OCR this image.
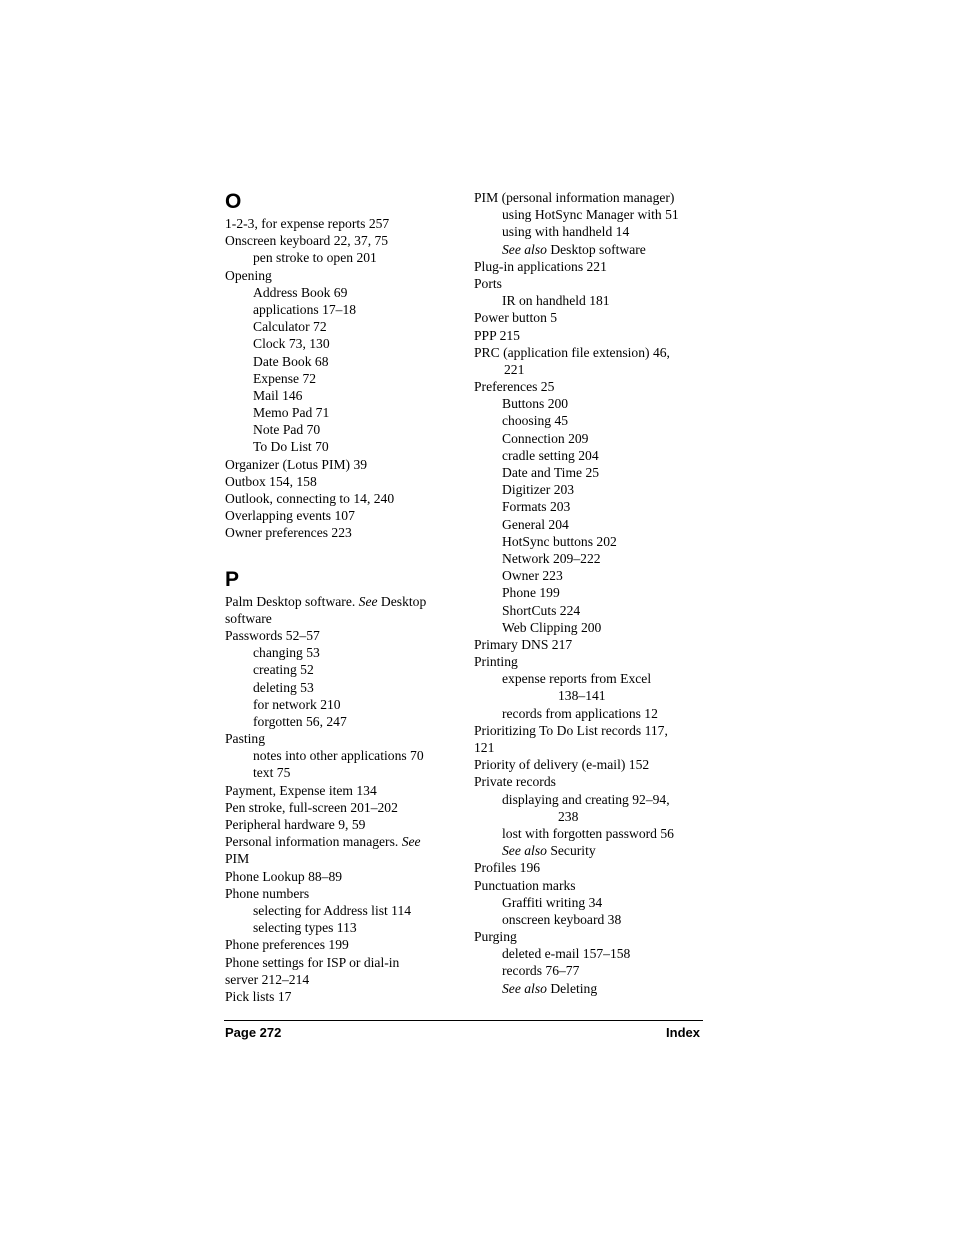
O
1-2-3, for expense reports 257
Onscreen keyboard 22, 37, 75
pen stroke to open 201
Opening
Address Book 69
applications 17–18
Calculator 72
Clock 73, 130
Date Book 68
Expense 72
Mail 146
Memo Pad 71
Note Pad 70
To Do List 70
Organizer (Lotus PIM) 39
Outbox 154, 158
Outlook, connecting to 14, 240
Overlapping events 107
Owner preferences 223
P
Palm Desktop software. See Desktop
software
Passwords 52–57
changing 53
creating 52
deleting 53
for network 210
forgotten 56, 247
Pasting
notes into other applications 70
text 75
Payment, Expense item 134
Pen stroke, full-screen 201–202
Peripheral hardware 9, 59
Personal information managers. See
PIM
Phone Lookup 88–89
Phone numbers
selecting for Address list 114
selecting types 113
Phone preferences 199
Phone settings for ISP or dial-in
server 212–214
Pick lists 17
PIM (personal information manager)
using HotSync Manager with 51
using with handheld 14
See also Desktop software
Plug-in applications 221
Ports
IR on handheld 181
Power button 5
PPP 215
PRC (application file extension) 46,
221
Preferences 25
Buttons 200
choosing 45
Connection 209
cradle setting 204
Date and Time 25
Digitizer 203
Formats 203
General 204
HotSync buttons 202
Network 209–222
Owner 223
Phone 199
ShortCuts 224
Web Clipping 200
Primary DNS 217
Printing
expense reports from Excel
138–141
records from applications 12
Prioritizing To Do List records 117,
121
Priority of delivery (e-mail) 152
Private records
displaying and creating 92–94,
238
lost with forgotten password 56
See also Security
Profiles 196
Punctuation marks
Graffiti writing 34
onscreen keyboard 38
Purging
deleted e-mail 157–158
records 76–77
See also Deleting
Page 272	Index
